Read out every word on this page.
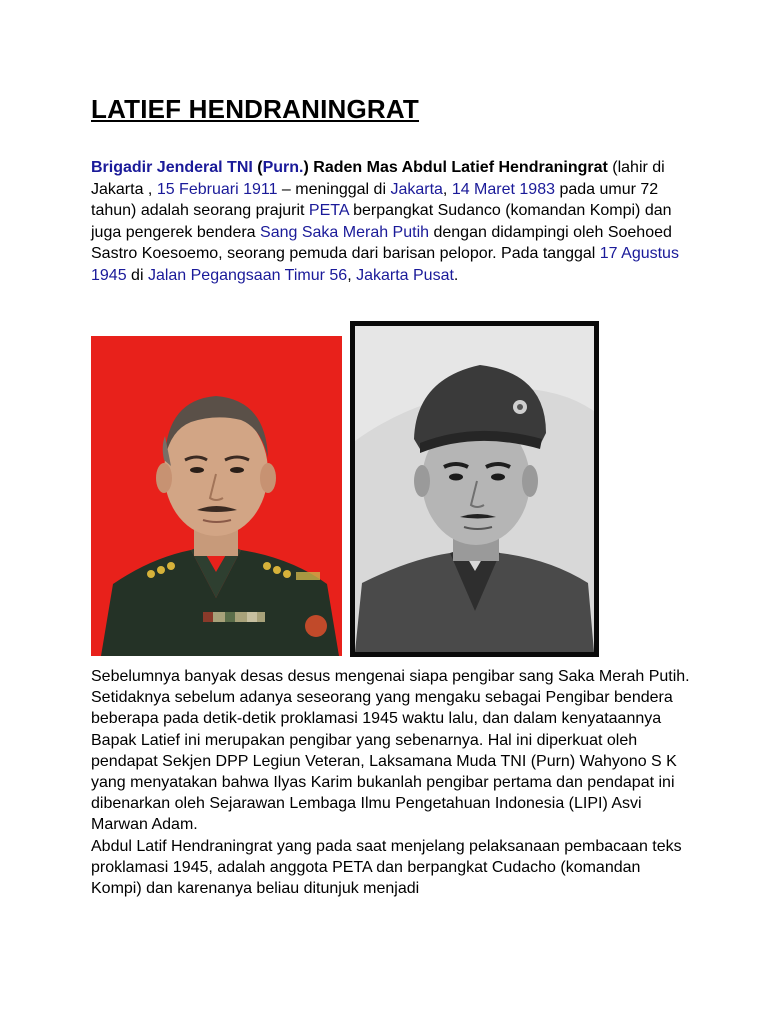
LATIEF HENDRANINGRAT

Brigadir Jenderal TNI (Purn.) Raden Mas Abdul Latief Hendraningrat (lahir di Jakarta , 15 Februari 1911 – meninggal di Jakarta, 14 Maret 1983 pada umur 72 tahun) adalah seorang prajurit PETA berpangkat Sudanco (komandan Kompi) dan juga pengerek bendera Sang Saka Merah Putih dengan didampingi oleh Soehoed Sastro Koesoemo, seorang pemuda dari barisan pelopor. Pada tanggal 17 Agustus 1945 di Jalan Pegangsaan Timur 56, Jakarta Pusat.

Sebelumnya banyak desas desus mengenai siapa pengibar sang Saka Merah Putih. Setidaknya sebelum adanya seseorang yang mengaku sebagai Pengibar bendera beberapa pada detik-detik proklamasi 1945 waktu lalu, dan dalam kenyataannya Bapak Latief ini merupakan pengibar yang sebenarnya. Hal ini diperkuat oleh pendapat Sekjen DPP Legiun Veteran, Laksamana Muda TNI (Purn) Wahyono S K yang menyatakan bahwa Ilyas Karim bukanlah pengibar pertama dan pendapat ini dibenarkan oleh Sejarawan Lembaga Ilmu Pengetahuan Indonesia (LIPI) Asvi Marwan Adam.
Abdul Latif Hendraningrat yang pada saat menjelang pelaksanaan pembacaan teks proklamasi 1945, adalah anggota PETA dan berpangkat Cudacho (komandan Kompi) dan karenanya beliau ditunjuk menjadi
